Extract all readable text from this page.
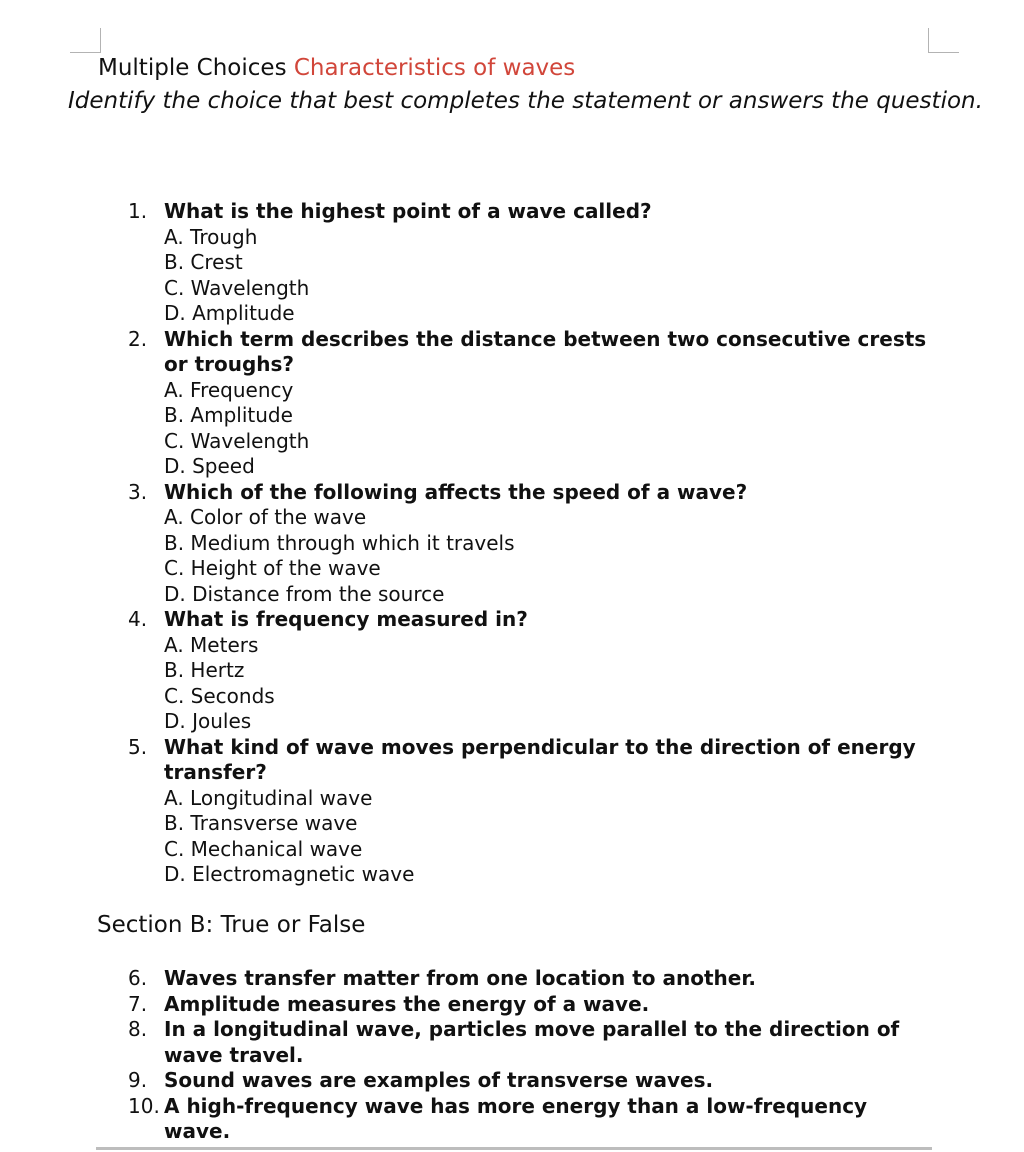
Multiple Choices Characteristics of waves
Identify the choice that best completes the statement or answers the question.
1. What is the highest point of a wave called?
A. Trough
B. Crest
C. Wavelength
D. Amplitude
2. Which term describes the distance between two consecutive crests or troughs?
A. Frequency
B. Amplitude
C. Wavelength
D. Speed
3. Which of the following affects the speed of a wave?
A. Color of the wave
B. Medium through which it travels
C. Height of the wave
D. Distance from the source
4. What is frequency measured in?
A. Meters
B. Hertz
C. Seconds
D. Joules
5. What kind of wave moves perpendicular to the direction of energy transfer?
A. Longitudinal wave
B. Transverse wave
C. Mechanical wave
D. Electromagnetic wave
Section B: True or False
6. Waves transfer matter from one location to another.
7. Amplitude measures the energy of a wave.
8. In a longitudinal wave, particles move parallel to the direction of wave travel.
9. Sound waves are examples of transverse waves.
10. A high-frequency wave has more energy than a low-frequency wave.
